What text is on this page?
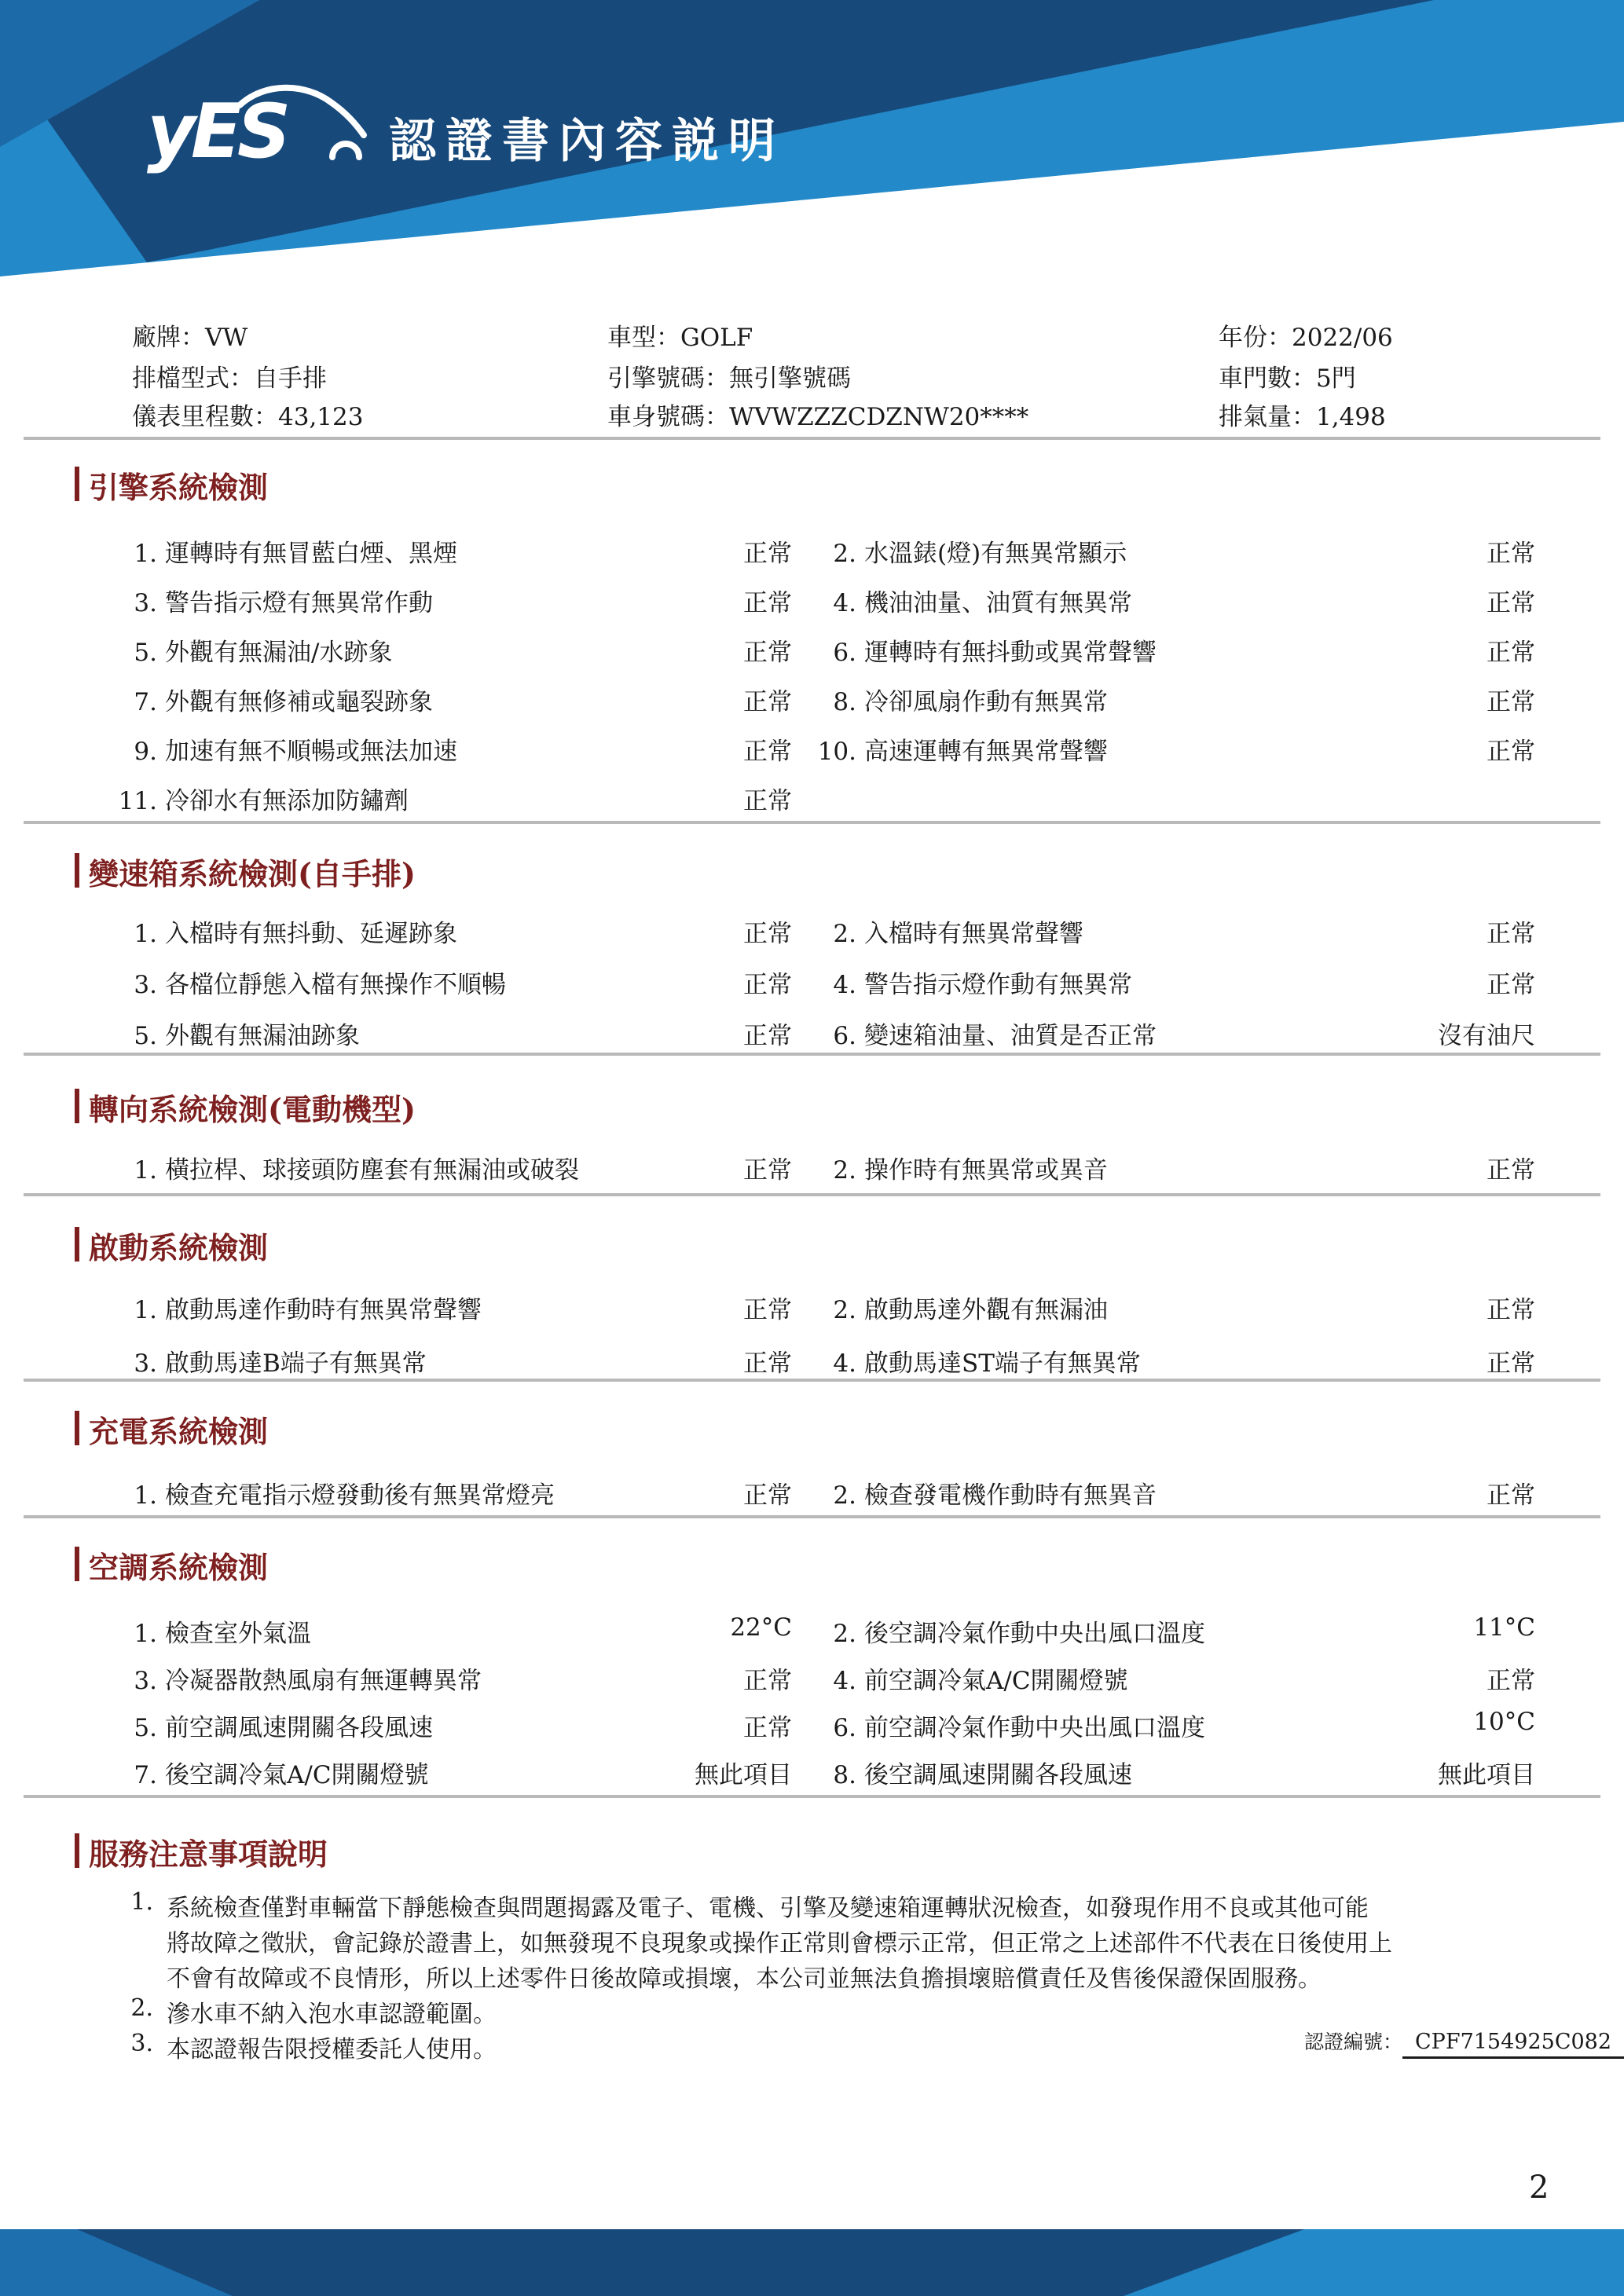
yES 認證書內容説明
廠牌：VW	車型：GOLF	年份：2022/06
排檔型式：自手排	引擎號碼：無引擎號碼	車門數：5門
儀表里程數：43,123	車身號碼：WVWZZZCDZNW20****	排氣量：1,498
引擎系統檢測
1. 運轉時有無冒藍白煙、黑煙	正常	2. 水溫錶(燈)有無異常顯示	正常
3. 警告指示燈有無異常作動	正常	4. 機油油量、油質有無異常	正常
5. 外觀有無漏油/水跡象	正常	6. 運轉時有無抖動或異常聲響	正常
7. 外觀有無修補或龜裂跡象	正常	8. 冷卻風扇作動有無異常	正常
9. 加速有無不順暢或無法加速	正常	10. 高速運轉有無異常聲響	正常
11. 冷卻水有無添加防鏽劑	正常
變速箱系統檢測(自手排)
1. 入檔時有無抖動、延遲跡象	正常	2. 入檔時有無異常聲響	正常
3. 各檔位靜態入檔有無操作不順暢	正常	4. 警告指示燈作動有無異常	正常
5. 外觀有無漏油跡象	正常	6. 變速箱油量、油質是否正常	沒有油尺
轉向系統檢測(電動機型)
1. 橫拉桿、球接頭防塵套有無漏油或破裂	正常	2. 操作時有無異常或異音	正常
啟動系統檢測
1. 啟動馬達作動時有無異常聲響	正常	2. 啟動馬達外觀有無漏油	正常
3. 啟動馬達B端子有無異常	正常	4. 啟動馬達ST端子有無異常	正常
充電系統檢測
1. 檢查充電指示燈發動後有無異常燈亮	正常	2. 檢查發電機作動時有無異音	正常
空調系統檢測
1. 檢查室外氣溫	22°C	2. 後空調冷氣作動中央出風口溫度	11°C
3. 冷凝器散熱風扇有無運轉異常	正常	4. 前空調冷氣A/C開關燈號	正常
5. 前空調風速開關各段風速	正常	6. 前空調冷氣作動中央出風口溫度	10°C
7. 後空調冷氣A/C開關燈號	無此項目	8. 後空調風速開關各段風速	無此項目
服務注意事項說明
1. 系統檢查僅對車輛當下靜態檢查與問題揭露及電子、電機、引擎及變速箱運轉狀況檢查，如發現作用不良或其他可能
將故障之徵狀，會記錄於證書上，如無發現不良現象或操作正常則會標示正常，但正常之上述部件不代表在日後使用上
不會有故障或不良情形，所以上述零件日後故障或損壞，本公司並無法負擔損壞賠償責任及售後保證保固服務。
2. 滲水車不納入泡水車認證範圍。
3. 本認證報告限授權委託人使用。	認證編號： CPF7154925C082
2
